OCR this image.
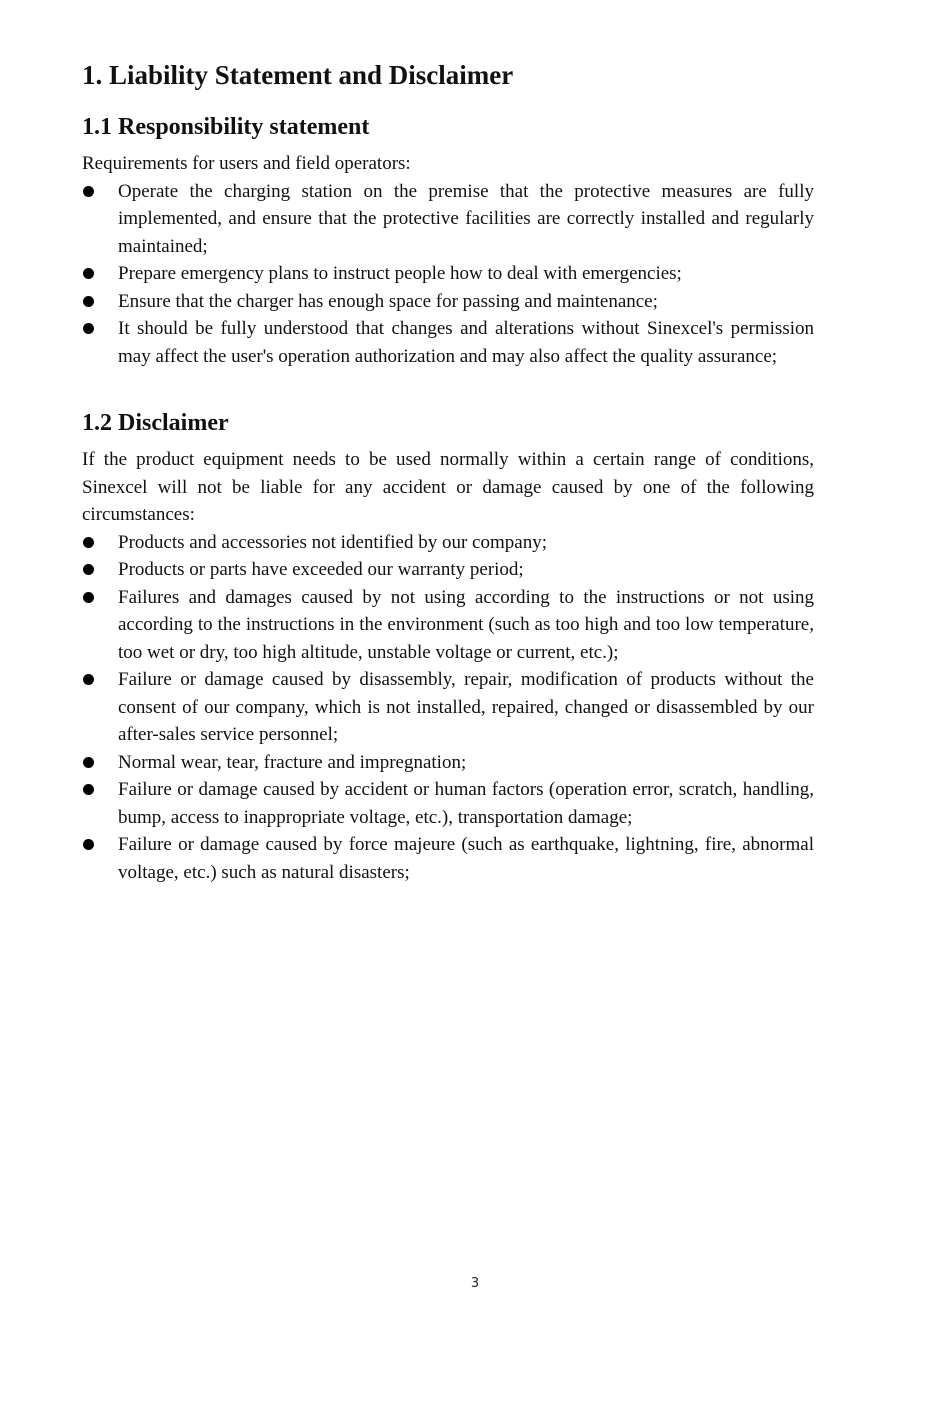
1. Liability Statement and Disclaimer
1.1 Responsibility statement

Requirements for users and field operators:

Operate the charging station on the premise that the protective measures are fully implemented, and ensure that the protective facilities are correctly installed and regularly maintained;
Prepare emergency plans to instruct people how to deal with emergencies;
Ensure that the charger has enough space for passing and maintenance;
It should be fully understood that changes and alterations without Sinexcel's permission may affect the user's operation authorization and may also affect the quality assurance;
1.2 Disclaimer

If the product equipment needs to be used normally within a certain range of conditions, Sinexcel will not be liable for any accident or damage caused by one of the following circumstances:

Products and accessories not identified by our company;
Products or parts have exceeded our warranty period;
Failures and damages caused by not using according to the instructions or not using according to the instructions in the environment (such as too high and too low temperature, too wet or dry, too high altitude, unstable voltage or current, etc.);
Failure or damage caused by disassembly, repair, modification of products without the consent of our company, which is not installed, repaired, changed or disassembled by our after-sales service personnel;
Normal wear, tear, fracture and impregnation;
Failure or damage caused by accident or human factors (operation error, scratch, handling, bump, access to inappropriate voltage, etc.), transportation damage;
Failure or damage caused by force majeure (such as earthquake, lightning, fire, abnormal voltage, etc.) such as natural disasters;
3
